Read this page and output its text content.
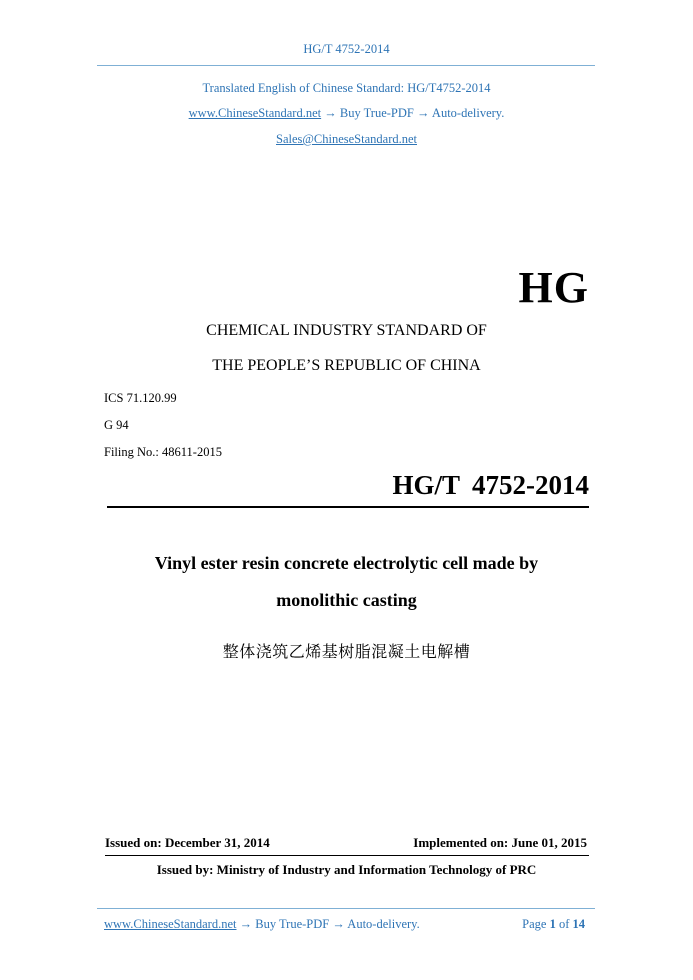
HG/T 4752-2014
Translated English of Chinese Standard: HG/T4752-2014
www.ChineseStandard.net → Buy True-PDF → Auto-delivery.
Sales@ChineseStandard.net
HG
CHEMICAL INDUSTRY STANDARD OF
THE PEOPLE’S REPUBLIC OF CHINA
ICS 71.120.99
G 94
Filing No.: 48611-2015
HG/T 4752-2014
Vinyl ester resin concrete electrolytic cell made by
monolithic casting
整体浇筑乙烯基树脂混凝土电解槽
Issued on: December 31, 2014	Implemented on: June 01, 2015
Issued by: Ministry of Industry and Information Technology of PRC
www.ChineseStandard.net → Buy True-PDF → Auto-delivery.	Page 1 of 14
